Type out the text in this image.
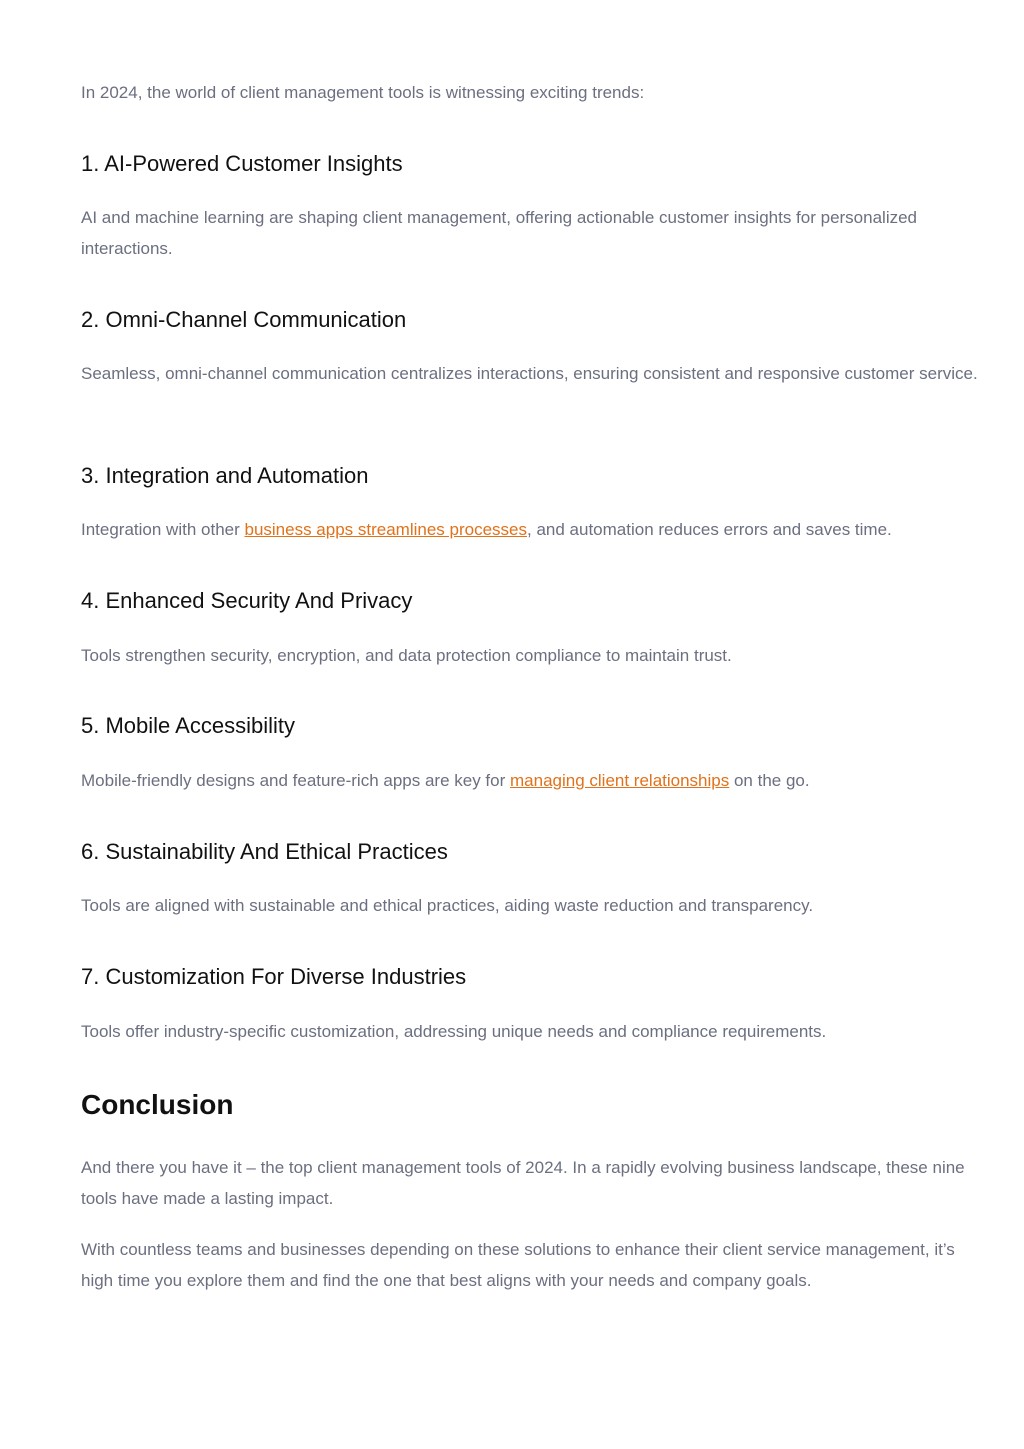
In 2024, the world of client management tools is witnessing exciting trends:

1. AI-Powered Customer Insights

AI and machine learning are shaping client management, offering actionable customer insights for personalized interactions.

2. Omni-Channel Communication

Seamless, omni-channel communication centralizes interactions, ensuring consistent and responsive customer service.

3. Integration and Automation

Integration with other business apps streamlines processes, and automation reduces errors and saves time.

4. Enhanced Security And Privacy

Tools strengthen security, encryption, and data protection compliance to maintain trust.

5. Mobile Accessibility

Mobile-friendly designs and feature-rich apps are key for managing client relationships on the go.

6. Sustainability And Ethical Practices

Tools are aligned with sustainable and ethical practices, aiding waste reduction and transparency.

7. Customization For Diverse Industries

Tools offer industry-specific customization, addressing unique needs and compliance requirements.

Conclusion

And there you have it – the top client management tools of 2024. In a rapidly evolving business landscape, these nine tools have made a lasting impact.

With countless teams and businesses depending on these solutions to enhance their client service management, it’s high time you explore them and find the one that best aligns with your needs and company goals.
